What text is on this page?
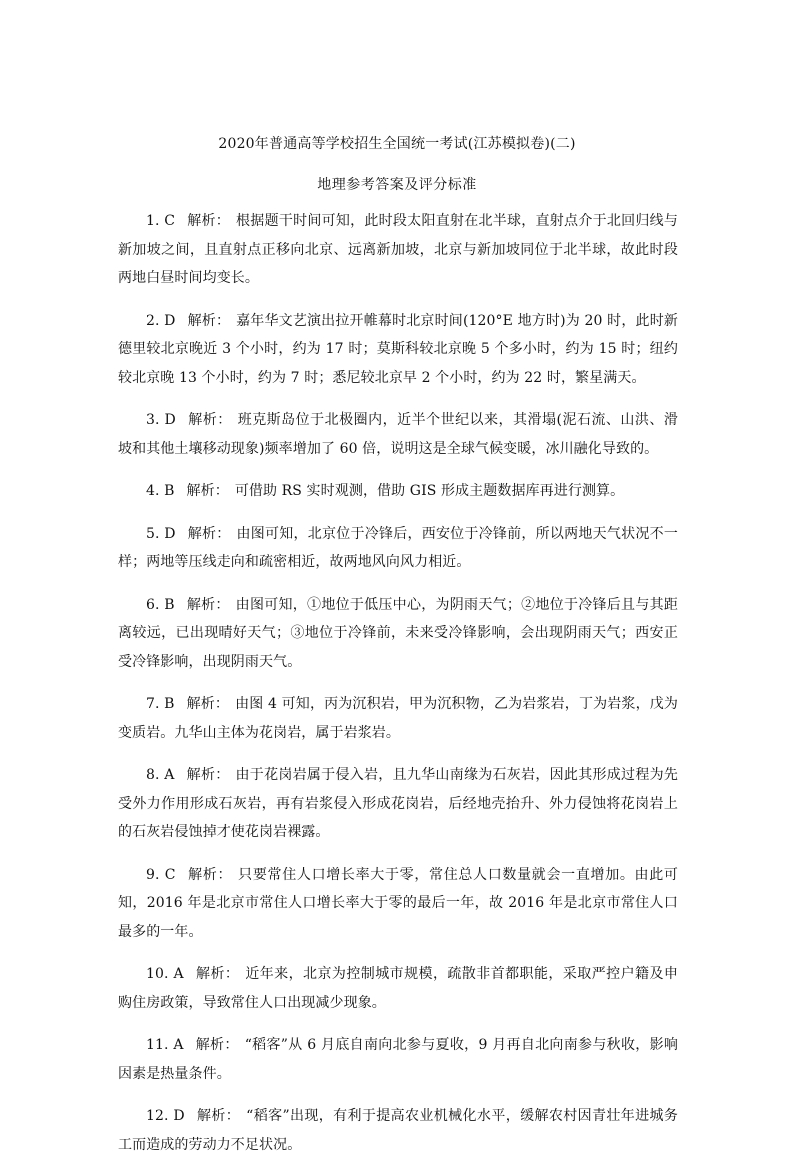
2020年普通高等学校招生全国统一考试(江苏模拟卷)(二)
地理参考答案及评分标准

1. C 解析： 根据题干时间可知，此时段太阳直射在北半球，直射点介于北回归线与新加坡之间，且直射点正移向北京、远离新加坡，北京与新加坡同位于北半球，故此时段两地白昼时间均变长。

2. D 解析： 嘉年华文艺演出拉开帷幕时北京时间(120°E 地方时)为 20 时，此时新德里较北京晚近 3 个小时，约为 17 时；莫斯科较北京晚 5 个多小时，约为 15 时；纽约较北京晚 13 个小时，约为 7 时；悉尼较北京早 2 个小时，约为 22 时，繁星满天。

3. D 解析： 班克斯岛位于北极圈内，近半个世纪以来，其滑塌(泥石流、山洪、滑坡和其他土壤移动现象)频率增加了 60 倍，说明这是全球气候变暖，冰川融化导致的。

4. B 解析： 可借助 RS 实时观测，借助 GIS 形成主题数据库再进行测算。

5. D 解析： 由图可知，北京位于冷锋后，西安位于冷锋前，所以两地天气状况不一样；两地等压线走向和疏密相近，故两地风向风力相近。

6. B 解析： 由图可知，①地位于低压中心，为阴雨天气；②地位于冷锋后且与其距离较远，已出现晴好天气；③地位于冷锋前，未来受冷锋影响，会出现阴雨天气；西安正受冷锋影响，出现阴雨天气。

7. B 解析： 由图 4 可知，丙为沉积岩，甲为沉积物，乙为岩浆岩，丁为岩浆，戊为变质岩。九华山主体为花岗岩，属于岩浆岩。

8. A 解析： 由于花岗岩属于侵入岩，且九华山南缘为石灰岩，因此其形成过程为先受外力作用形成石灰岩，再有岩浆侵入形成花岗岩，后经地壳抬升、外力侵蚀将花岗岩上的石灰岩侵蚀掉才使花岗岩裸露。

9. C 解析： 只要常住人口增长率大于零，常住总人口数量就会一直增加。由此可知，2016 年是北京市常住人口增长率大于零的最后一年，故 2016 年是北京市常住人口最多的一年。

10. A 解析： 近年来，北京为控制城市规模，疏散非首都职能，采取严控户籍及申购住房政策，导致常住人口出现减少现象。

11. A 解析： “稻客”从 6 月底自南向北参与夏收，9 月再自北向南参与秋收，影响因素是热量条件。

12. D 解析： “稻客”出现，有利于提高农业机械化水平，缓解农村因青壮年进城务工而造成的劳动力不足状况。
